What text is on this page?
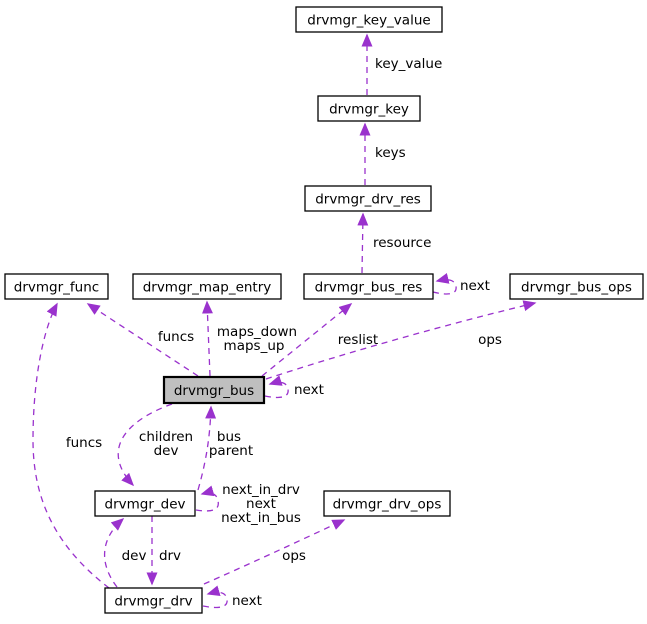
key_value
keys
resource
next
funcs maps_down
maps_up	reslist	ops
next
children
dev
bus
parent
funcs
next_in_drv
next
next_in_bus
dev drv	ops
next
drvmgr_key_value
drvmgr_key
drvmgr_drv_res
drvmgr_bus_res
drvmgr_func	drvmgr_map_entry	drvmgr_bus_ops
drvmgr_bus
drvmgr_dev	drvmgr_drv_ops
drvmgr_drv
